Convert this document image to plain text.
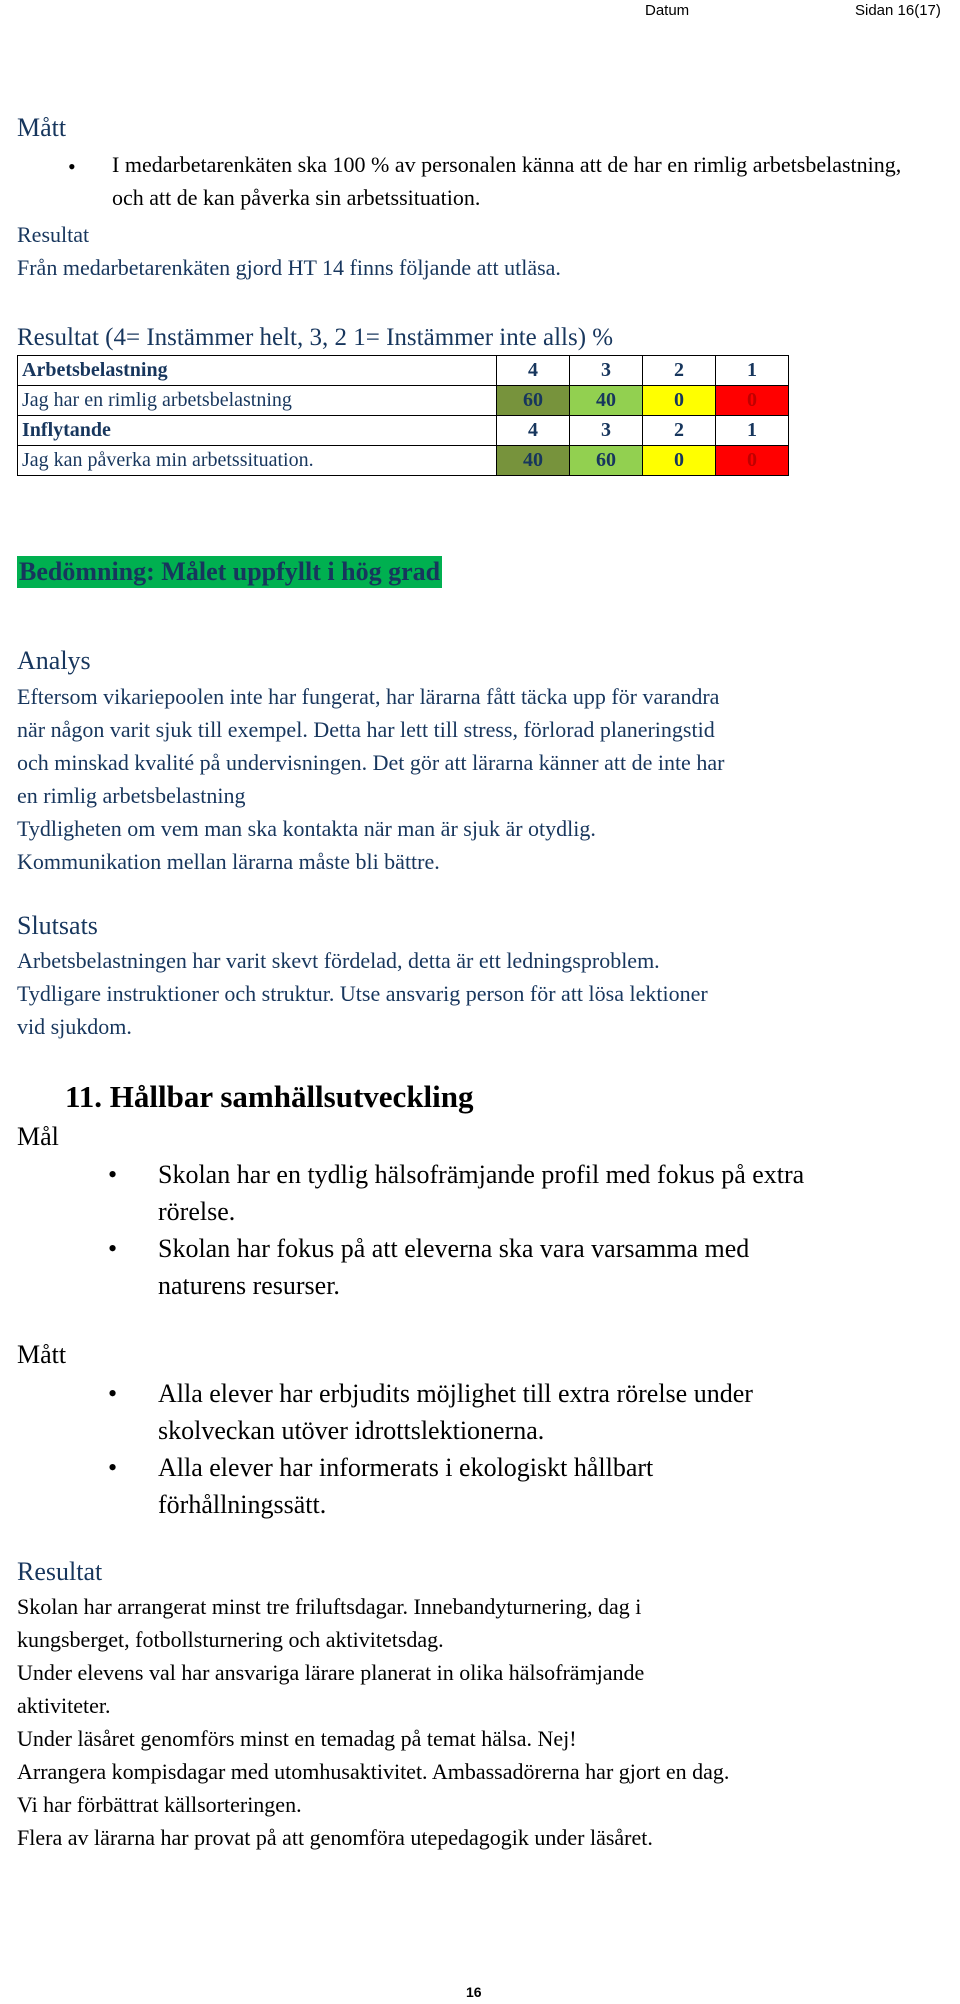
Datum	Sidan 16(17)
Mått
• I medarbetarenkäten ska 100 % av personalen känna att de har en rimlig arbetsbelastning, och att de kan påverka sin arbetssituation.
Resultat
Från medarbetarenkäten gjord HT 14 finns följande att utläsa.
Resultat (4= Instämmer helt, 3, 2 1= Instämmer inte alls) %
Arbetsbelastning	4	3	2	1
Jag har en rimlig arbetsbelastning	60	40	0	0
Inflytande	4	3	2	1
Jag kan påverka min arbetssituation.	40	60	0	0
Bedömning: Målet uppfyllt i hög grad
Analys
Eftersom vikariepoolen inte har fungerat, har lärarna fått täcka upp för varandra
när någon varit sjuk till exempel. Detta har lett till stress, förlorad planeringstid
och minskad kvalité på undervisningen. Det gör att lärarna känner att de inte har
en rimlig arbetsbelastning
Tydligheten om vem man ska kontakta när man är sjuk är otydlig.
Kommunikation mellan lärarna måste bli bättre.
Slutsats
Arbetsbelastningen har varit skevt fördelad, detta är ett ledningsproblem.
Tydligare instruktioner och struktur. Utse ansvarig person för att lösa lektioner
vid sjukdom.
11. Hållbar samhällsutveckling
Mål
• Skolan har en tydlig hälsofrämjande profil med fokus på extra
rörelse.
• Skolan har fokus på att eleverna ska vara varsamma med
naturens resurser.
Mått
• Alla elever har erbjudits möjlighet till extra rörelse under
skolveckan utöver idrottslektionerna.
• Alla elever har informerats i ekologiskt hållbart
förhållningssätt.
Resultat
Skolan har arrangerat minst tre friluftsdagar. Innebandyturnering, dag i
kungsberget, fotbollsturnering och aktivitetsdag.
Under elevens val har ansvariga lärare planerat in olika hälsofrämjande
aktiviteter.
Under läsåret genomförs minst en temadag på temat hälsa. Nej!
Arrangera kompisdagar med utomhusaktivitet. Ambassadörerna har gjort en dag.
Vi har förbättrat källsorteringen.
Flera av lärarna har provat på att genomföra utepedagogik under läsåret.
16
